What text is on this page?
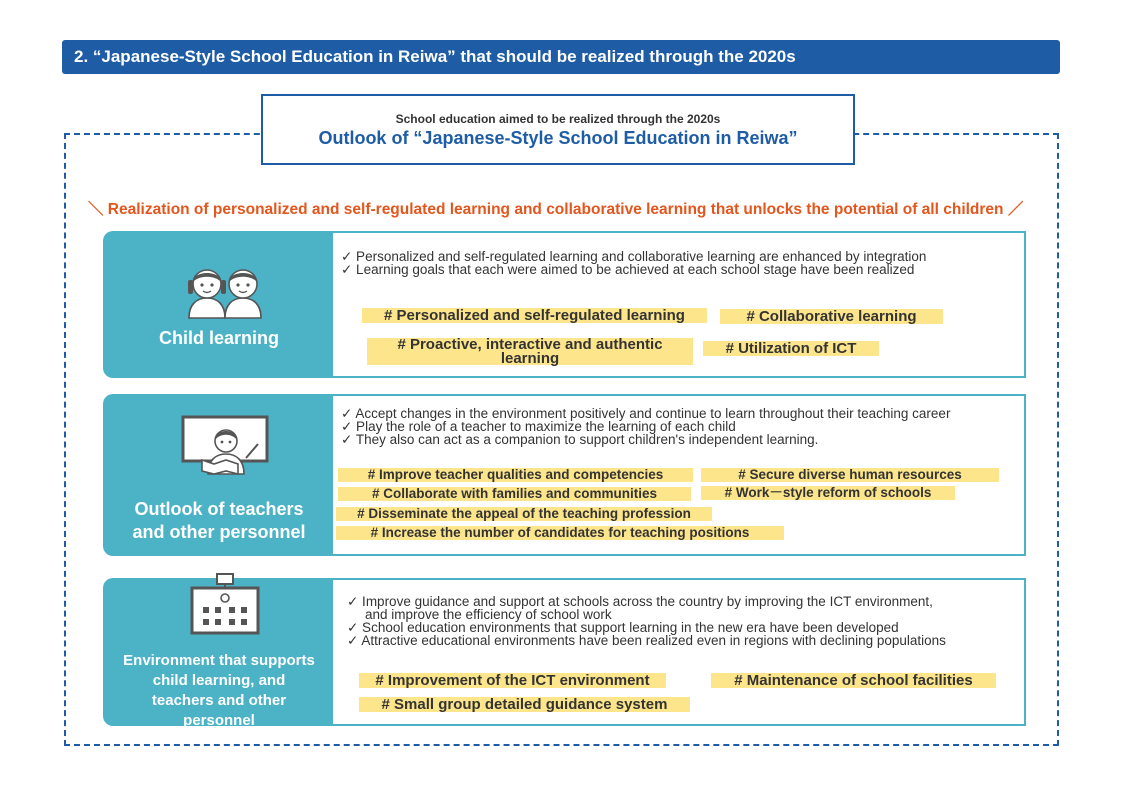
2. “Japanese-Style School Education in Reiwa” that should be realized through the 2020s
School education aimed to be realized through the 2020s
Outlook of “Japanese-Style School Education in Reiwa”
＼ Realization of personalized and self-regulated learning and collaborative learning that unlocks the potential of all children ／
Child learning
✓ Personalized and self-regulated learning and collaborative learning are enhanced by integration
✓ Learning goals that each were aimed to be achieved at each school stage have been realized
# Personalized and self-regulated learning	# Collaborative learning
# Proactive, interactive and authentic
learning
# Utilization of ICT
Outlook of teachers
and other personnel
✓ Accept changes in the environment positively and continue to learn throughout their teaching career
✓ Play the role of a teacher to maximize the learning of each child
✓ They also can act as a companion to support children's independent learning.
# Improve teacher qualities and competencies	# Secure diverse human resources
# Collaborate with families and communities	# Work－style reform of schools
# Disseminate the appeal of the teaching profession
# Increase the number of candidates for teaching positions
Environment that supports
child learning, and
teachers and other
personnel
✓ Improve guidance and support at schools across the country by improving the ICT environment,
and improve the efficiency of school work
✓ School education environments that support learning in the new era have been developed
✓ Attractive educational environments have been realized even in regions with declining populations
# Improvement of the ICT environment	# Maintenance of school facilities
# Small group detailed guidance system
